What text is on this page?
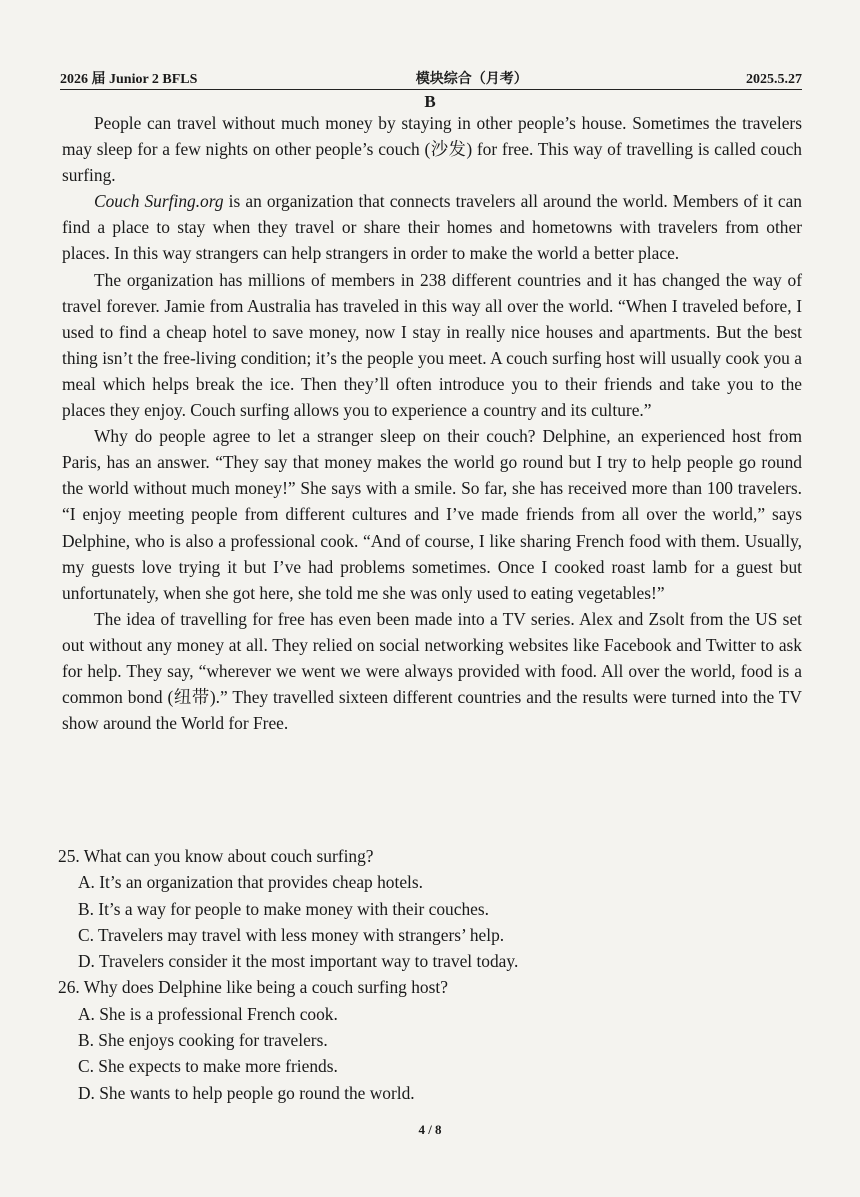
2026 届 Junior 2 BFLS	模块综合（月考）	2025.5.27
B

People can travel without much money by staying in other people’s house. Sometimes the travelers may sleep for a few nights on other people’s couch (沙发) for free. This way of travelling is called couch surfing.

Couch Surfing.org is an organization that connects travelers all around the world. Members of it can find a place to stay when they travel or share their homes and hometowns with travelers from other places. In this way strangers can help strangers in order to make the world a better place.

The organization has millions of members in 238 different countries and it has changed the way of travel forever. Jamie from Australia has traveled in this way all over the world. “When I traveled before, I used to find a cheap hotel to save money, now I stay in really nice houses and apartments. But the best thing isn’t the free-living condition; it’s the people you meet. A couch surfing host will usually cook you a meal which helps break the ice. Then they’ll often introduce you to their friends and take you to the places they enjoy. Couch surfing allows you to experience a country and its culture.”

Why do people agree to let a stranger sleep on their couch? Delphine, an experienced host from Paris, has an answer. “They say that money makes the world go round but I try to help people go round the world without much money!” She says with a smile. So far, she has received more than 100 travelers. “I enjoy meeting people from different cultures and I’ve made friends from all over the world,” says Delphine, who is also a professional cook. “And of course, I like sharing French food with them. Usually, my guests love trying it but I’ve had problems sometimes. Once I cooked roast lamb for a guest but unfortunately, when she got here, she told me she was only used to eating vegetables!”

The idea of travelling for free has even been made into a TV series. Alex and Zsolt from the US set out without any money at all. They relied on social networking websites like Facebook and Twitter to ask for help. They say, “wherever we went we were always provided with food. All over the world, food is a common bond (纽带).” They travelled sixteen different countries and the results were turned into the TV show around the World for Free.

25. What can you know about couch surfing?

A. It’s an organization that provides cheap hotels.

B. It’s a way for people to make money with their couches.

C. Travelers may travel with less money with strangers’ help.

D. Travelers consider it the most important way to travel today.

26. Why does Delphine like being a couch surfing host?

A. She is a professional French cook.

B. She enjoys cooking for travelers.

C. She expects to make more friends.

D. She wants to help people go round the world.

4 / 8
